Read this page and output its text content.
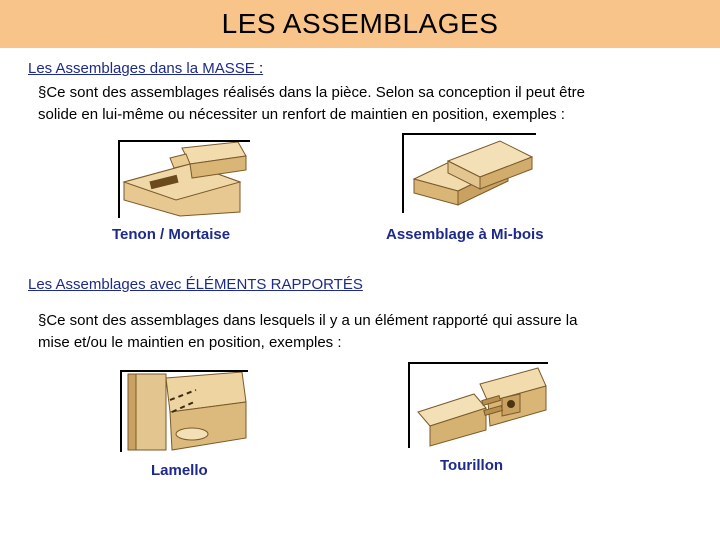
LES ASSEMBLAGES
Les Assemblages dans la MASSE :
§Ce sont des assemblages réalisés dans la pièce. Selon sa conception il peut être
solide en lui-même ou nécessiter un renfort de maintien en position, exemples :
Tenon / Mortaise	Assemblage à Mi-bois
Les Assemblages avec ÉLÉMENTS RAPPORTÉS
§Ce sont des assemblages dans lesquels il y a un élément rapporté qui assure la
mise et/ou le maintien en position, exemples :
Lamello	Tourillon
